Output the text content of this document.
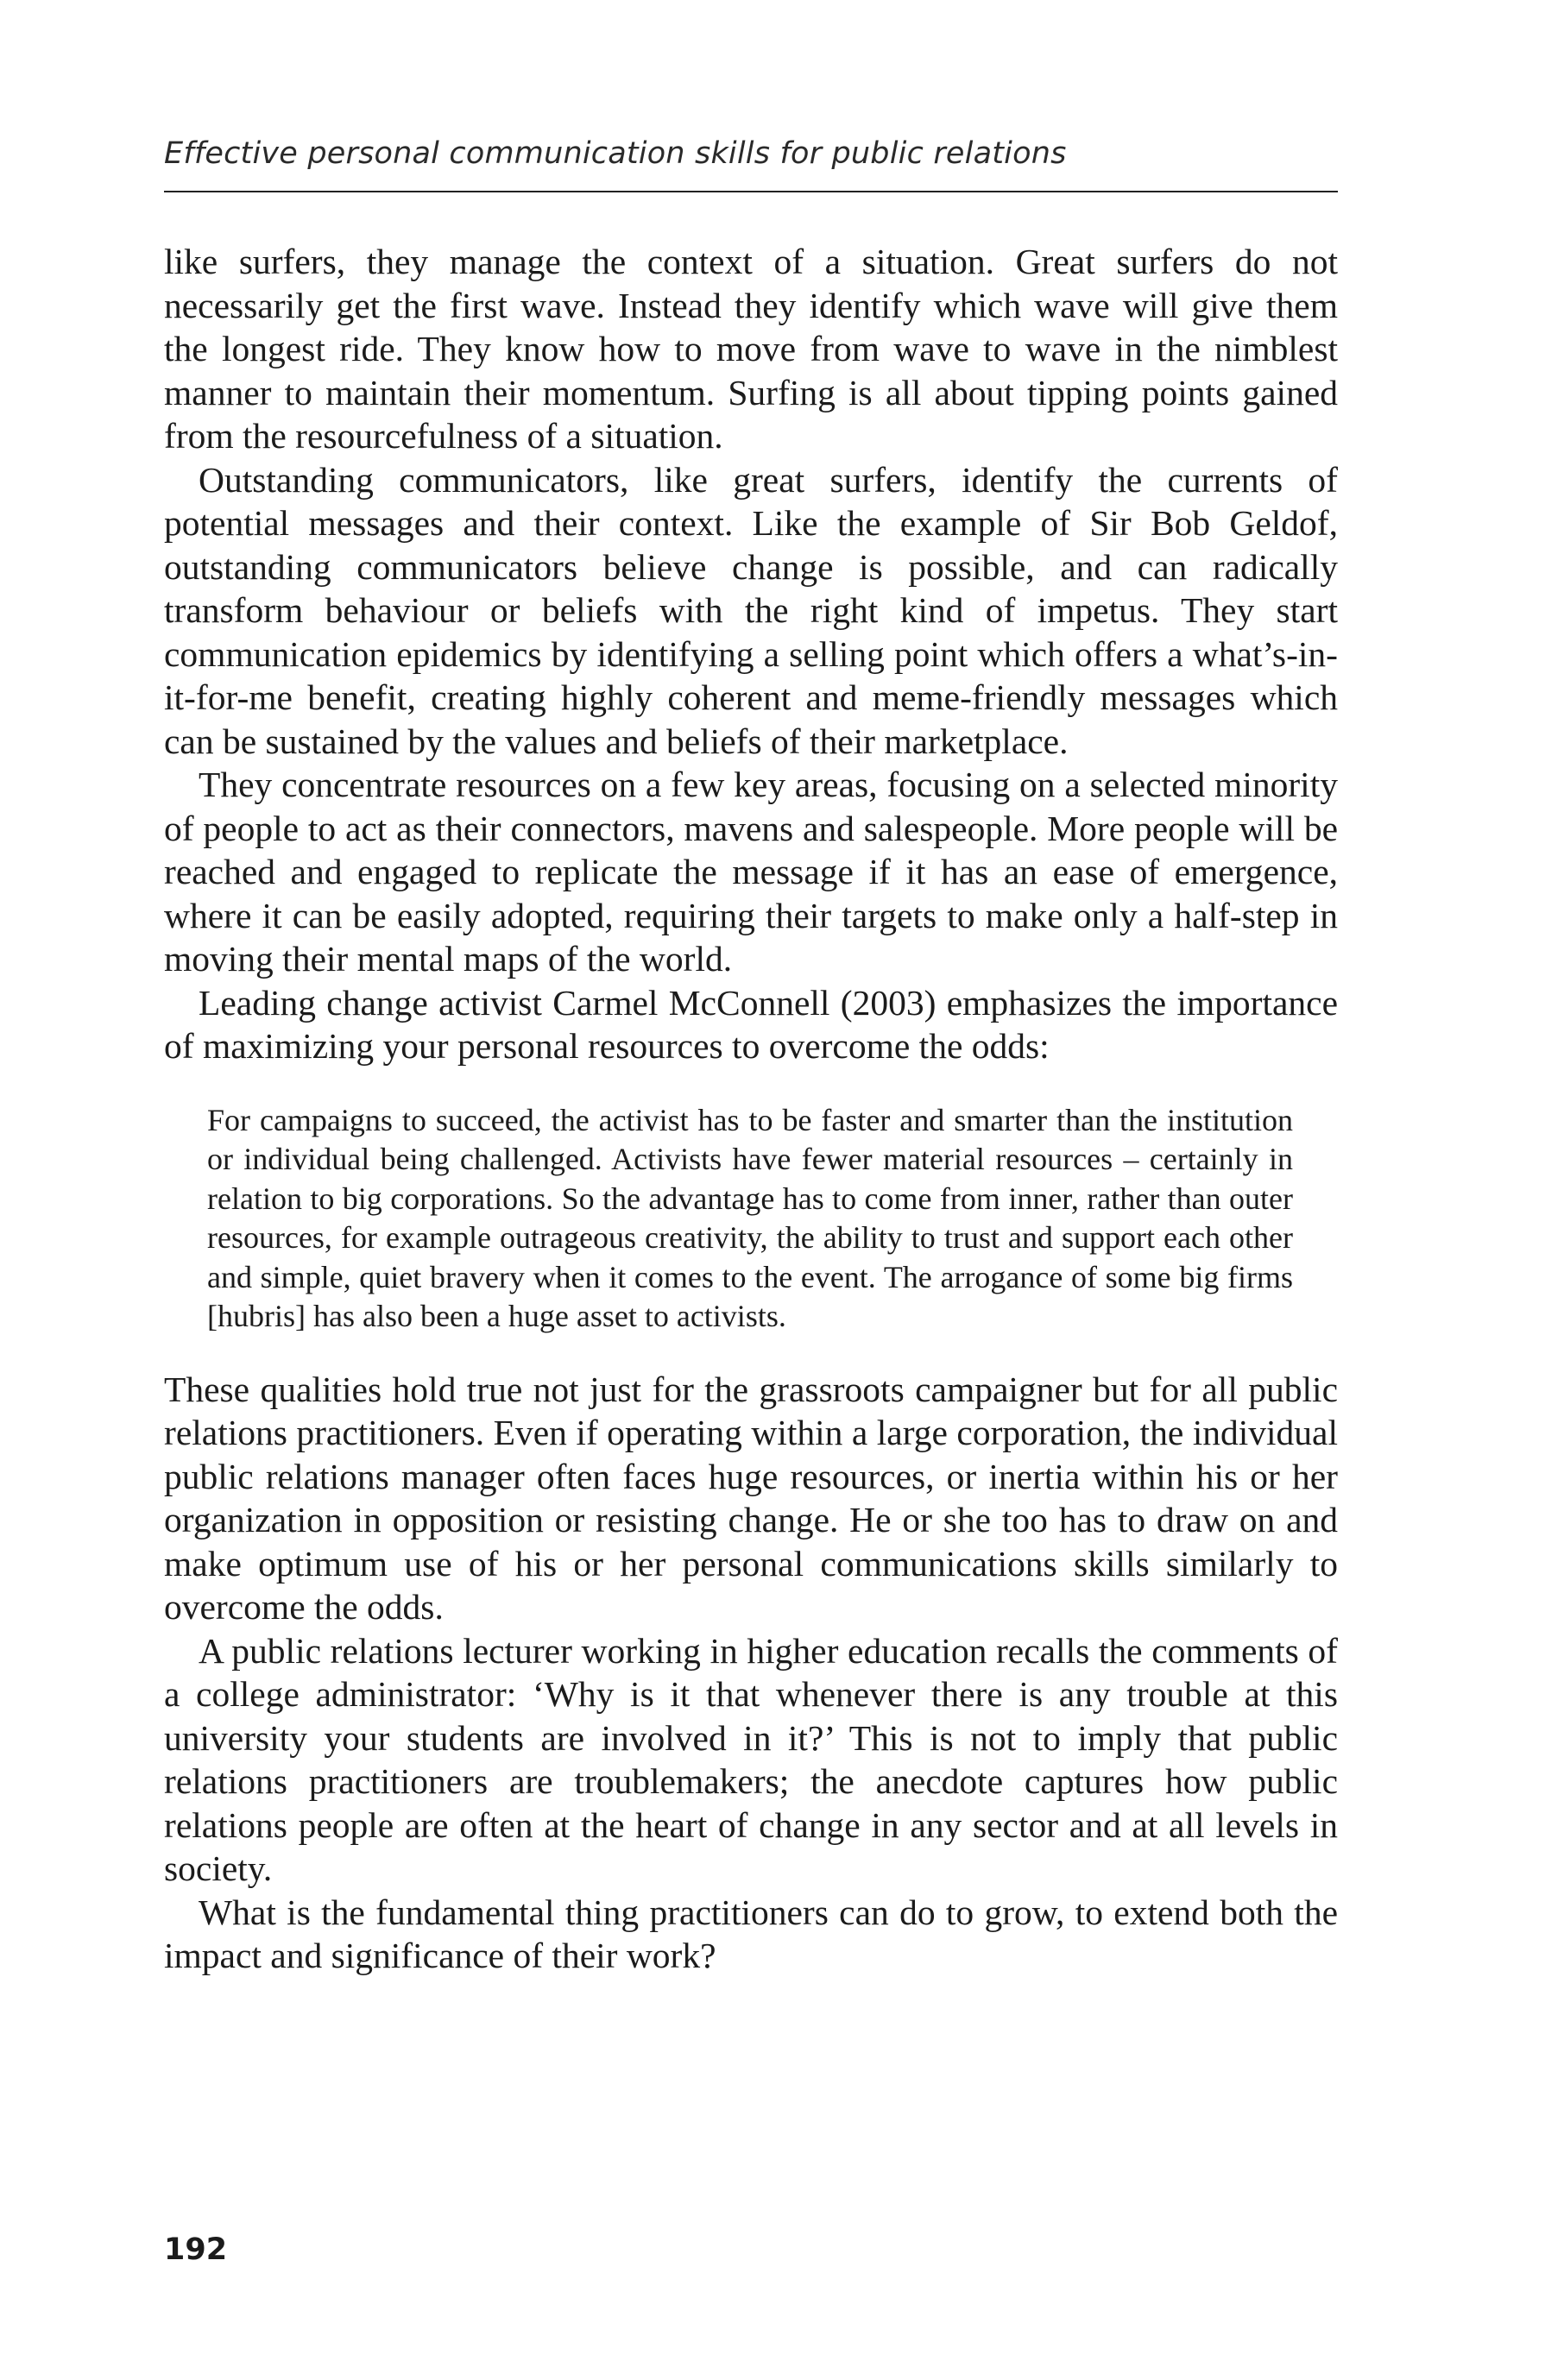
Effective personal communication skills for public relations

like surfers, they manage the context of a situation. Great surfers do not necessarily get the first wave. Instead they identify which wave will give them the longest ride. They know how to move from wave to wave in the nimblest manner to maintain their momentum. Surfing is all about tipping points gained from the resourcefulness of a situation.

Outstanding communicators, like great surfers, identify the currents of potential messages and their context. Like the example of Sir Bob Geldof, outstanding communicators believe change is possible, and can radically transform behaviour or beliefs with the right kind of impetus. They start communication epidemics by identifying a selling point which offers a what’s-in-it-for-me benefit, creating highly coherent and meme-friendly messages which can be sustained by the values and beliefs of their marketplace.

They concentrate resources on a few key areas, focusing on a selected minority of people to act as their connectors, mavens and salespeople. More people will be reached and engaged to replicate the message if it has an ease of emergence, where it can be easily adopted, requiring their targets to make only a half-step in moving their mental maps of the world.

Leading change activist Carmel McConnell (2003) emphasizes the importance of maximizing your personal resources to overcome the odds:

For campaigns to succeed, the activist has to be faster and smarter than the institution or individual being challenged. Activists have fewer material resources – certainly in relation to big corporations. So the advantage has to come from inner, rather than outer resources, for example outrageous creativity, the ability to trust and support each other and simple, quiet bravery when it comes to the event. The arrogance of some big firms [hubris] has also been a huge asset to activists.

These qualities hold true not just for the grassroots campaigner but for all public relations practitioners. Even if operating within a large corporation, the individual public relations manager often faces huge resources, or inertia within his or her organization in opposition or resisting change. He or she too has to draw on and make optimum use of his or her personal communications skills similarly to overcome the odds.

A public relations lecturer working in higher education recalls the comments of a college administrator: ‘Why is it that whenever there is any trouble at this university your students are involved in it?’ This is not to imply that public relations practitioners are troublemakers; the anecdote captures how public relations people are often at the heart of change in any sector and at all levels in society.

What is the fundamental thing practitioners can do to grow, to extend both the impact and significance of their work?

192
